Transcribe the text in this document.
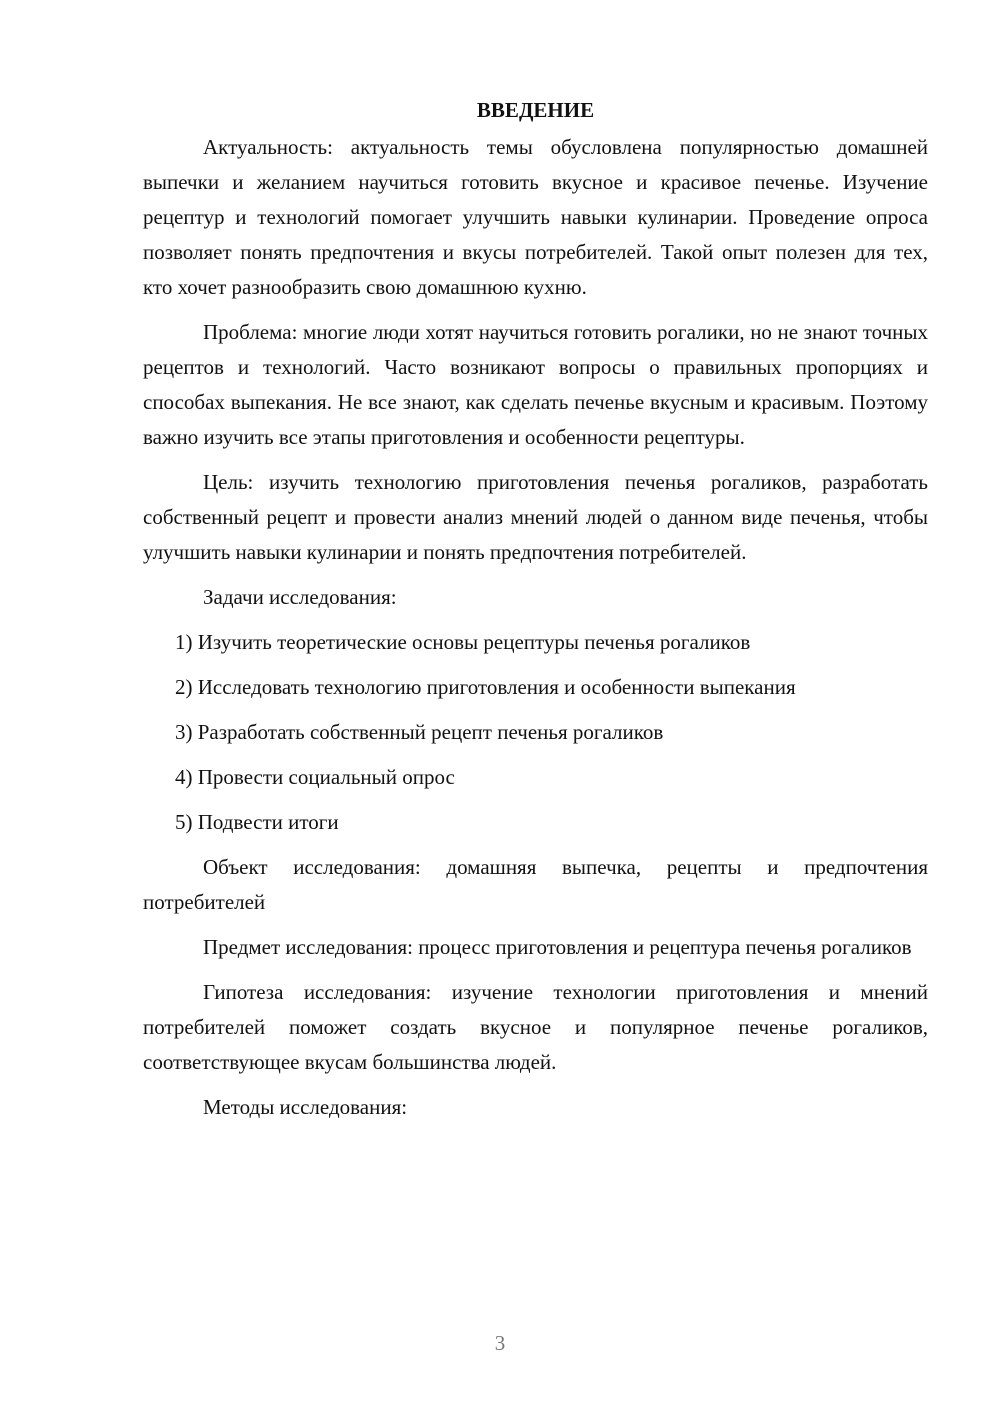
ВВЕДЕНИЕ

Актуальность: актуальность темы обусловлена популярностью домашней выпечки и желанием научиться готовить вкусное и красивое печенье. Изучение рецептур и технологий помогает улучшить навыки кулинарии. Проведение опроса позволяет понять предпочтения и вкусы потребителей. Такой опыт полезен для тех, кто хочет разнообразить свою домашнюю кухню.

Проблема: многие люди хотят научиться готовить рогалики, но не знают точных рецептов и технологий. Часто возникают вопросы о правильных пропорциях и способах выпекания. Не все знают, как сделать печенье вкусным и красивым. Поэтому важно изучить все этапы приготовления и особенности рецептуры.

Цель: изучить технологию приготовления печенья рогаликов, разработать собственный рецепт и провести анализ мнений людей о данном виде печенья, чтобы улучшить навыки кулинарии и понять предпочтения потребителей.

Задачи исследования:

1) Изучить теоретические основы рецептуры печенья рогаликов

2) Исследовать технологию приготовления и особенности выпекания

3) Разработать собственный рецепт печенья рогаликов

4) Провести социальный опрос

5) Подвести итоги

Объект исследования: домашняя выпечка, рецепты и предпочтения потребителей

Предмет исследования: процесс приготовления и рецептура печенья рогаликов

Гипотеза исследования: изучение технологии приготовления и мнений потребителей поможет создать вкусное и популярное печенье рогаликов, соответствующее вкусам большинства людей.

Методы исследования:

3
